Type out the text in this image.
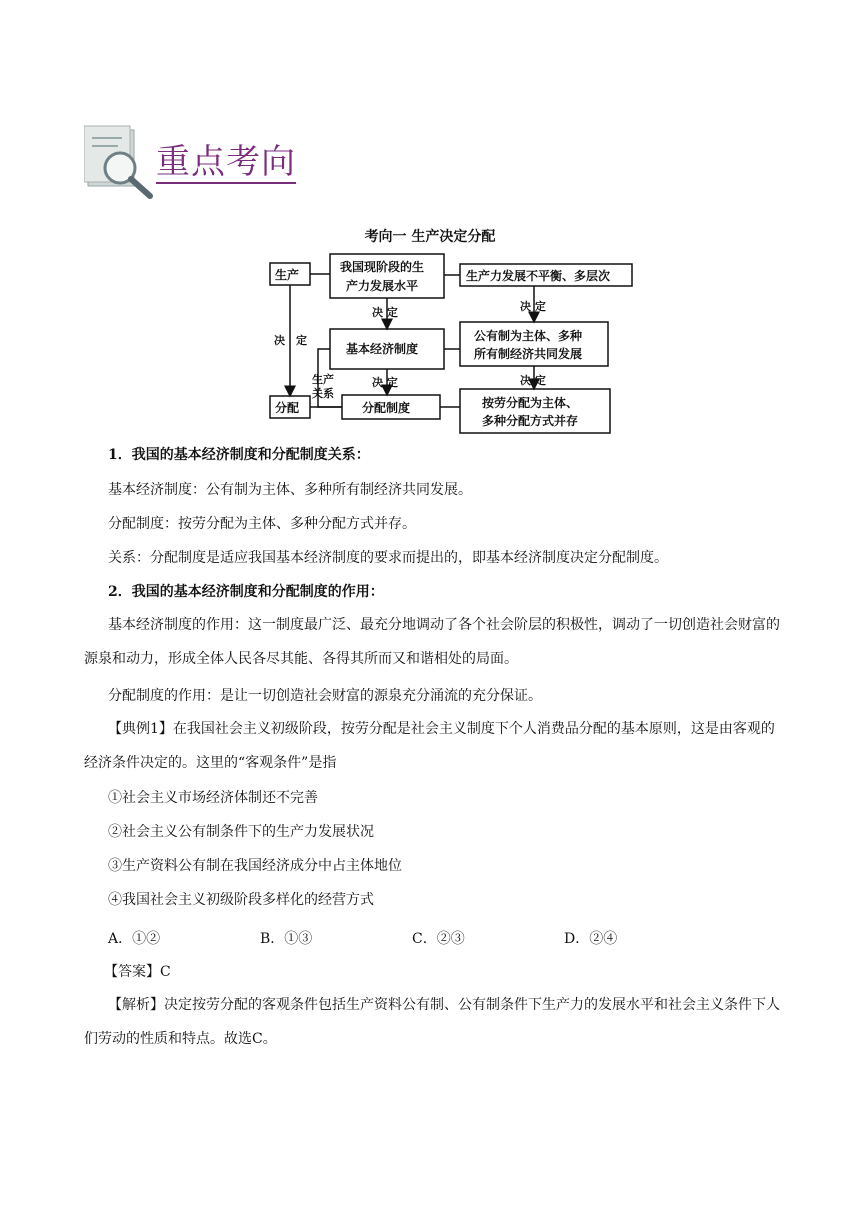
重点考向
考向一 生产决定分配
生产
分配
我国现阶段的生
产力发展水平
生产力发展不平衡、多层次
决 定	决 定
决 定
基本经济制度
公有制为主体、多种
所有制经济共同发展
决 定	决 定
生产
关系
分配制度	按劳分配为主体、
多种分配方式并存
1．我国的基本经济制度和分配制度关系：
基本经济制度：公有制为主体、多种所有制经济共同发展。
分配制度：按劳分配为主体、多种分配方式并存。
关系：分配制度是适应我国基本经济制度的要求而提出的，即基本经济制度决定分配制度。
2．我国的基本经济制度和分配制度的作用：
基本经济制度的作用：这一制度最广泛、最充分地调动了各个社会阶层的积极性，调动了一切创造社会财富的源泉和动力，形成全体人民各尽其能、各得其所而又和谐相处的局面。
分配制度的作用：是让一切创造社会财富的源泉充分涌流的充分保证。
【典例1】在我国社会主义初级阶段，按劳分配是社会主义制度下个人消费品分配的基本原则，这是由客观的经济条件决定的。这里的“客观条件”是指
①社会主义市场经济体制还不完善
②社会主义公有制条件下的生产力发展状况
③生产资料公有制在我国经济成分中占主体地位
④我国社会主义初级阶段多样化的经营方式
A．①②	B．①③	C．②③	D．②④
【答案】C
【解析】决定按劳分配的客观条件包括生产资料公有制、公有制条件下生产力的发展水平和社会主义条件下人们劳动的性质和特点。故选C。
